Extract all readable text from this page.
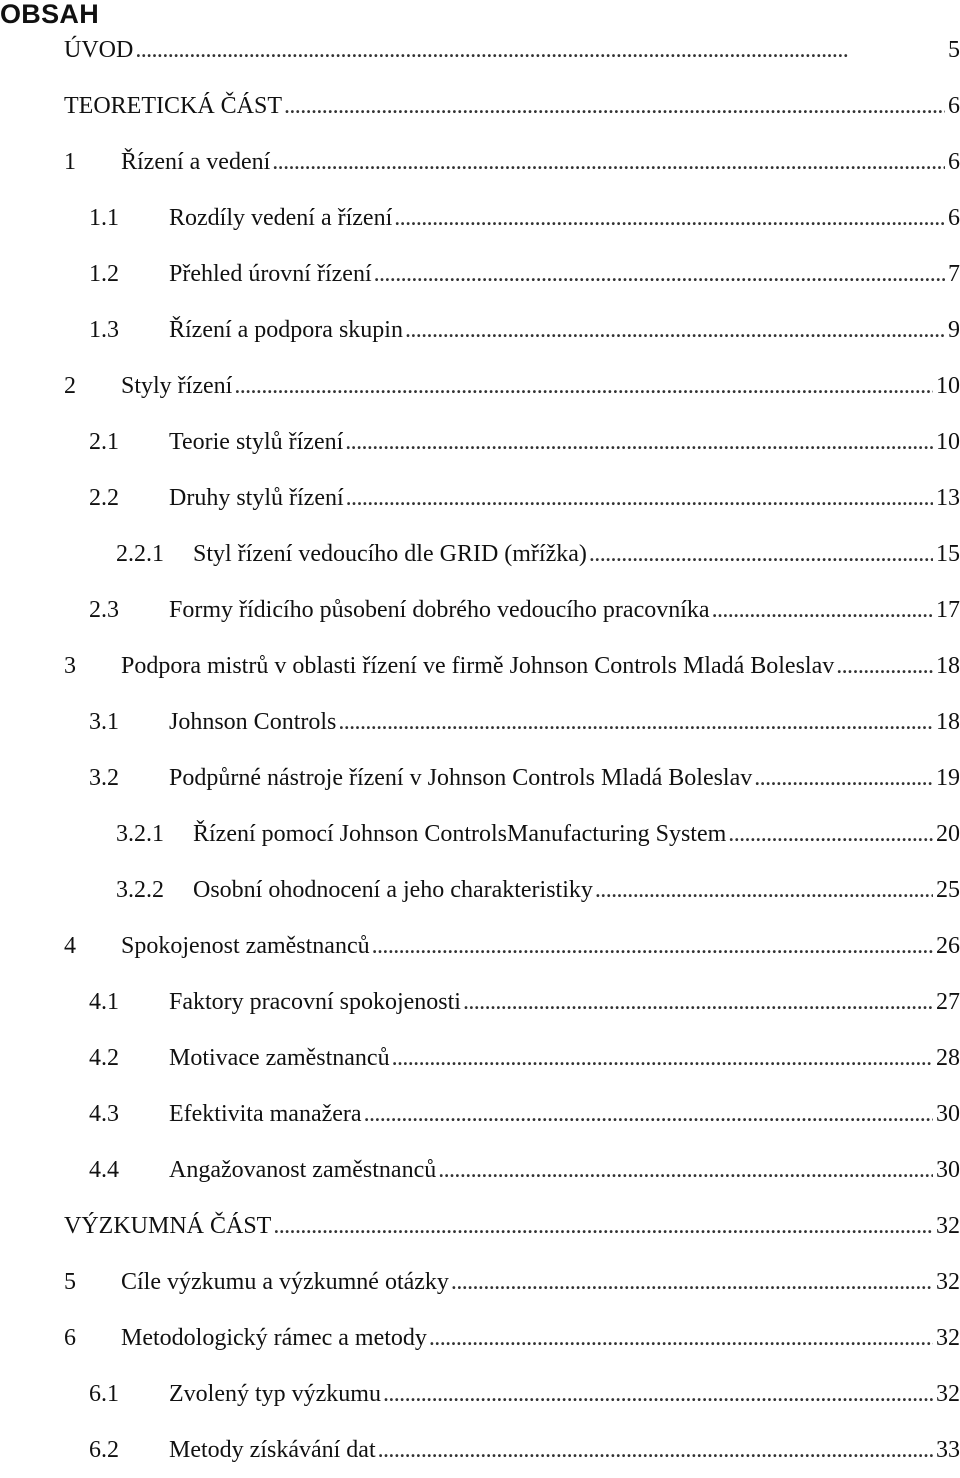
OBSAH
ÚVOD . . .	5
TEORETICKÁ ČÁST . . .	6
1 Řízení a vedení . . .	6
1.1 Rozdíly vedení a řízení . . .	6
1.2 Přehled úrovní řízení . . .	7
1.3 Řízení a podpora skupin . . .	9
2 Styly řízení . . .	10
2.1 Teorie stylů řízení . . .	10
2.2 Druhy stylů řízení . . .	13
2.2.1 Styl řízení vedoucího dle GRID (mřížka) . . .	15
2.3 Formy řídicího působení dobrého vedoucího pracovníka . . .	17
3 Podpora mistrů v oblasti řízení ve firmě Johnson Controls Mladá Boleslav . . .	18
3.1 Johnson Controls . . .	18
3.2 Podpůrné nástroje řízení v Johnson Controls Mladá Boleslav . . .	19
3.2.1 Řízení pomocí Johnson ControlsManufacturing System . . .	20
3.2.2 Osobní ohodnocení a jeho charakteristiky . . .	25
4 Spokojenost zaměstnanců . . .	26
4.1 Faktory pracovní spokojenosti . . .	27
4.2 Motivace zaměstnanců . . .	28
4.3 Efektivita manažera . . .	30
4.4 Angažovanost zaměstnanců . . .	30
VÝZKUMNÁ ČÁST . . .	32
5 Cíle výzkumu a výzkumné otázky . . .	32
6 Metodologický rámec a metody . . .	32
6.1 Zvolený typ výzkumu . . .	32
6.2 Metody získávání dat . . .	33
